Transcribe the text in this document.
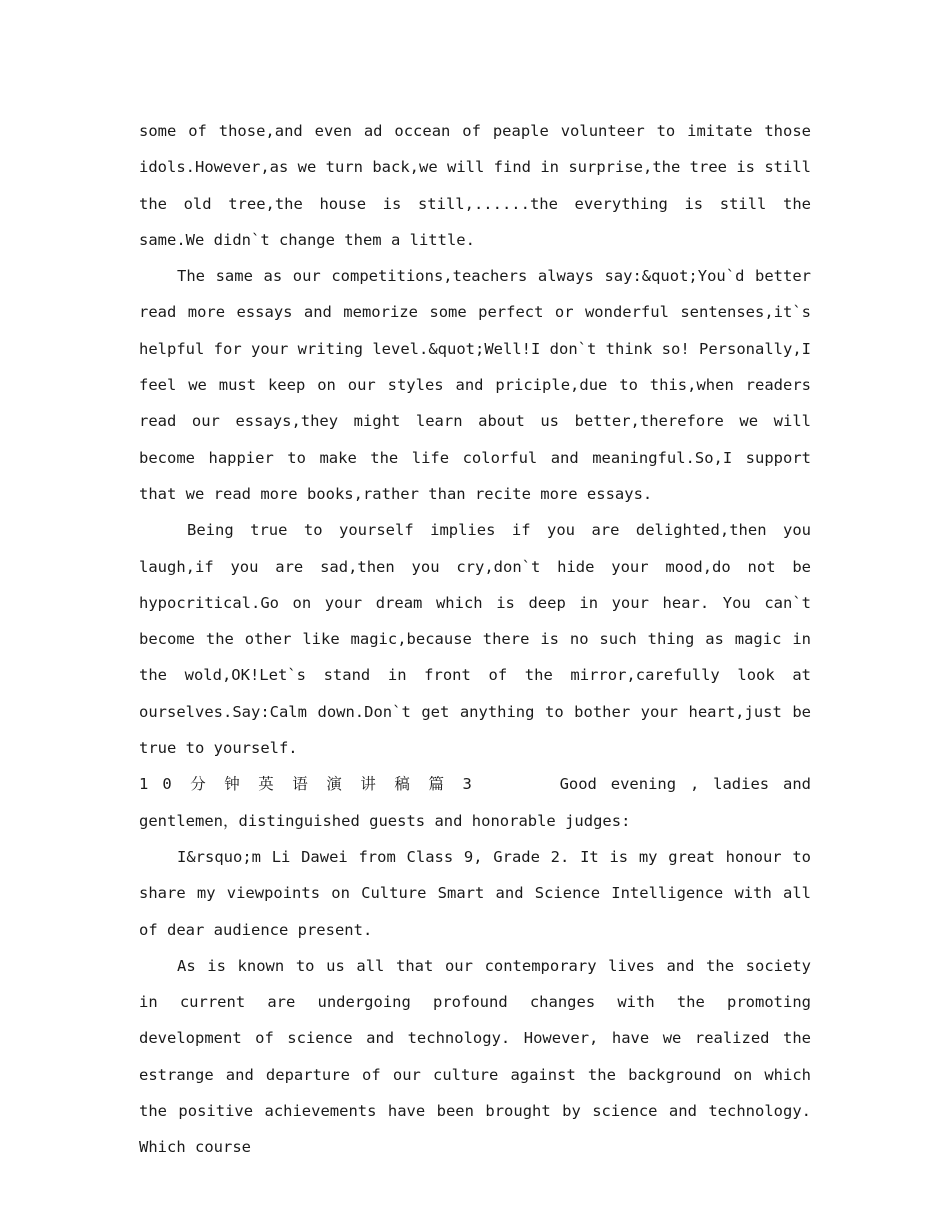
some of those,and even ad occean of peaple volunteer to imitate those idols.However,as we turn back,we will find in surprise,the tree is still the old tree,the house is still,......the everything is still the same.We didn`t change them a little.

The same as our competitions,teachers always say:&quot;You`d better read more essays and memorize some perfect or wonderful sentenses,it`s helpful for your writing level.&quot;Well!I don`t think so! Personally,I feel we must keep on our styles and priciple,due to this,when readers read our essays,they might learn about us better,therefore we will become happier to make the life colorful and meaningful.So,I support that we read more books,rather than recite more essays.

Being true to yourself implies if you are delighted,then you laugh,if you are sad,then you cry,don`t hide your mood,do not be hypocritical.Go on your dream which is deep in your hear. You can`t become the other like magic,because there is no such thing as magic in the wold,OK!Let`s stand in front of the mirror,carefully look at ourselves.Say:Calm down.Don`t get anything to bother your heart,just be true to yourself.

10分钟英语演讲稿篇3	Good evening , ladies and gentlemen，distinguished guests and honorable judges:

I&rsquo;m Li Dawei from Class 9, Grade 2. It is my great honour to share my viewpoints on Culture Smart and Science Intelligence with all of dear audience present.

As is known to us all that our contemporary lives and the society in current are undergoing profound changes with the promoting development of science and technology. However, have we realized the estrange and departure of our culture against the background on which the positive achievements have been brought by science and technology. Which course
